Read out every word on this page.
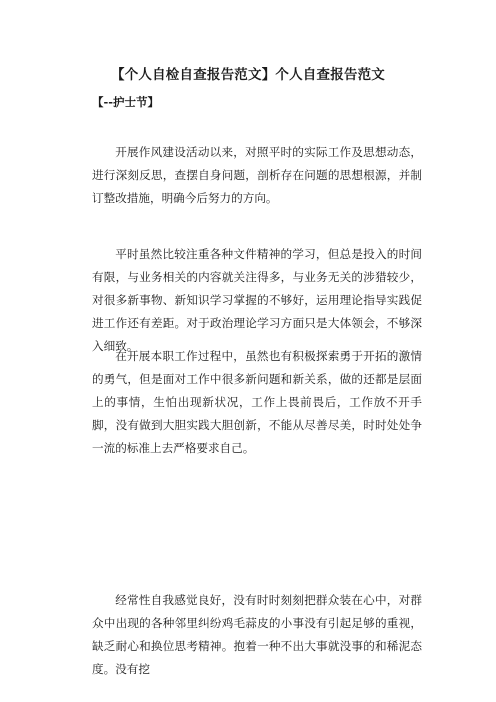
【个人自检自查报告范文】个人自查报告范文
【--护士节】

开展作风建设活动以来，对照平时的实际工作及思想动态，进行深刻反思，查摆自身问题，剖析存在问题的思想根源，并制订整改措施，明确今后努力的方向。

平时虽然比较注重各种文件精神的学习，但总是投入的时间有限，与业务相关的内容就关注得多，与业务无关的涉猎较少，对很多新事物、新知识学习掌握的不够好，运用理论指导实践促进工作还有差距。对于政治理论学习方面只是大体领会，不够深入细致。

在开展本职工作过程中，虽然也有积极探索勇于开拓的激情的勇气，但是面对工作中很多新问题和新关系，做的还都是层面上的事情，生怕出现新状况，工作上畏前畏后，工作放不开手脚，没有做到大胆实践大胆创新，不能从尽善尽美，时时处处争一流的标准上去严格要求自己。

经常性自我感觉良好，没有时时刻刻把群众装在心中，对群众中出现的各种邻里纠纷鸡毛蒜皮的小事没有引起足够的重视，缺乏耐心和换位思考精神。抱着一种不出大事就没事的和稀泥态度。没有挖
